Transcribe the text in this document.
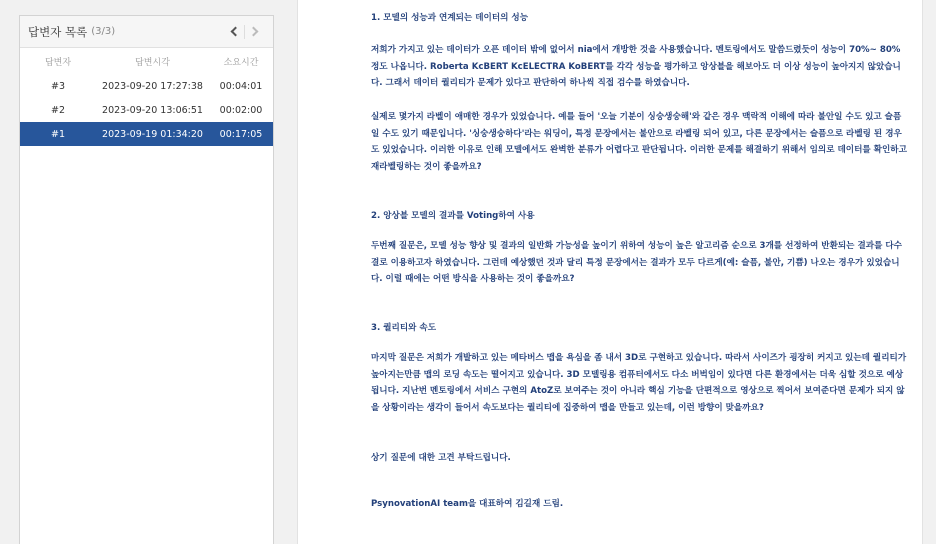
답변자 목록 (3/3)
답변자	답변시각	소요시간
#3	2023-09-20 17:27:38	00:04:01
#2	2023-09-20 13:06:51	00:02:00
#1	2023-09-19 01:34:20	00:17:05
1. 모델의 성능과 연계되는 데이터의 성능
저희가 가지고 있는 데이터가 오픈 데이터 밖에 없어서 nia에서 개방한 것을 사용했습니다. 멘토링에서도 말씀드렸듯이 성능이 70%~ 80% 정도 나옵니다. Roberta KcBERT KcELECTRA KoBERT를 각각 성능을 평가하고 앙상블을 해보아도 더 이상 성능이 높아지지 않았습니다. 그래서 데이터 퀄리티가 문제가 있다고 판단하여 하나씩 직접 검수를 하였습니다.
실제로 몇가지 라벨이 애매한 경우가 있었습니다. 예를 들어 '오늘 기분이 싱숭생숭해'와 같은 경우 맥락적 이해에 따라 불안일 수도 있고 슬픔일 수도 있기 때문입니다. '싱숭생숭하다'라는 워딩이, 특정 문장에서는 불안으로 라벨링 되어 있고, 다른 문장에서는 슬픔으로 라벨링 된 경우도 있었습니다. 이러한 이유로 인해 모델에서도 완벽한 분류가 어렵다고 판단됩니다. 이러한 문제를 해결하기 위해서 임의로 데이터를 확인하고 재라벨링하는 것이 좋을까요?
2. 앙상블 모델의 결과를 Voting하여 사용
두번째 질문은, 모델 성능 향상 및 결과의 일반화 가능성을 높이기 위하여 성능이 높은 알고리즘 순으로 3개를 선정하여 반환되는 결과를 다수결로 이용하고자 하였습니다. 그런데 예상했던 것과 달리 특정 문장에서는 결과가 모두 다르게(예: 슬픔, 불안, 기쁨) 나오는 경우가 있었습니다. 이럴 때에는 어떤 방식을 사용하는 것이 좋을까요?
3. 퀄리티와 속도
마지막 질문은 저희가 개발하고 있는 메타버스 맵을 욕심을 좀 내서 3D로 구현하고 있습니다. 따라서 사이즈가 굉장히 커지고 있는데 퀄리티가 높아지는만큼 맵의 로딩 속도는 떨어지고 있습니다. 3D 모델링용 컴퓨터에서도 다소 버벅임이 있다면 다른 환경에서는 더욱 심할 것으로 예상됩니다. 지난번 멘토링에서 서비스 구현의 AtoZ로 보여주는 것이 아니라 핵심 기능을 단편적으로 영상으로 찍어서 보여준다면 문제가 되지 않을 상황이라는 생각이 들어서 속도보다는 퀄리티에 집중하여 맵을 만들고 있는데, 이런 방향이 맞을까요?
상기 질문에 대한 고견 부탁드립니다.
PsynovationAI team을 대표하여 김길재 드림.
